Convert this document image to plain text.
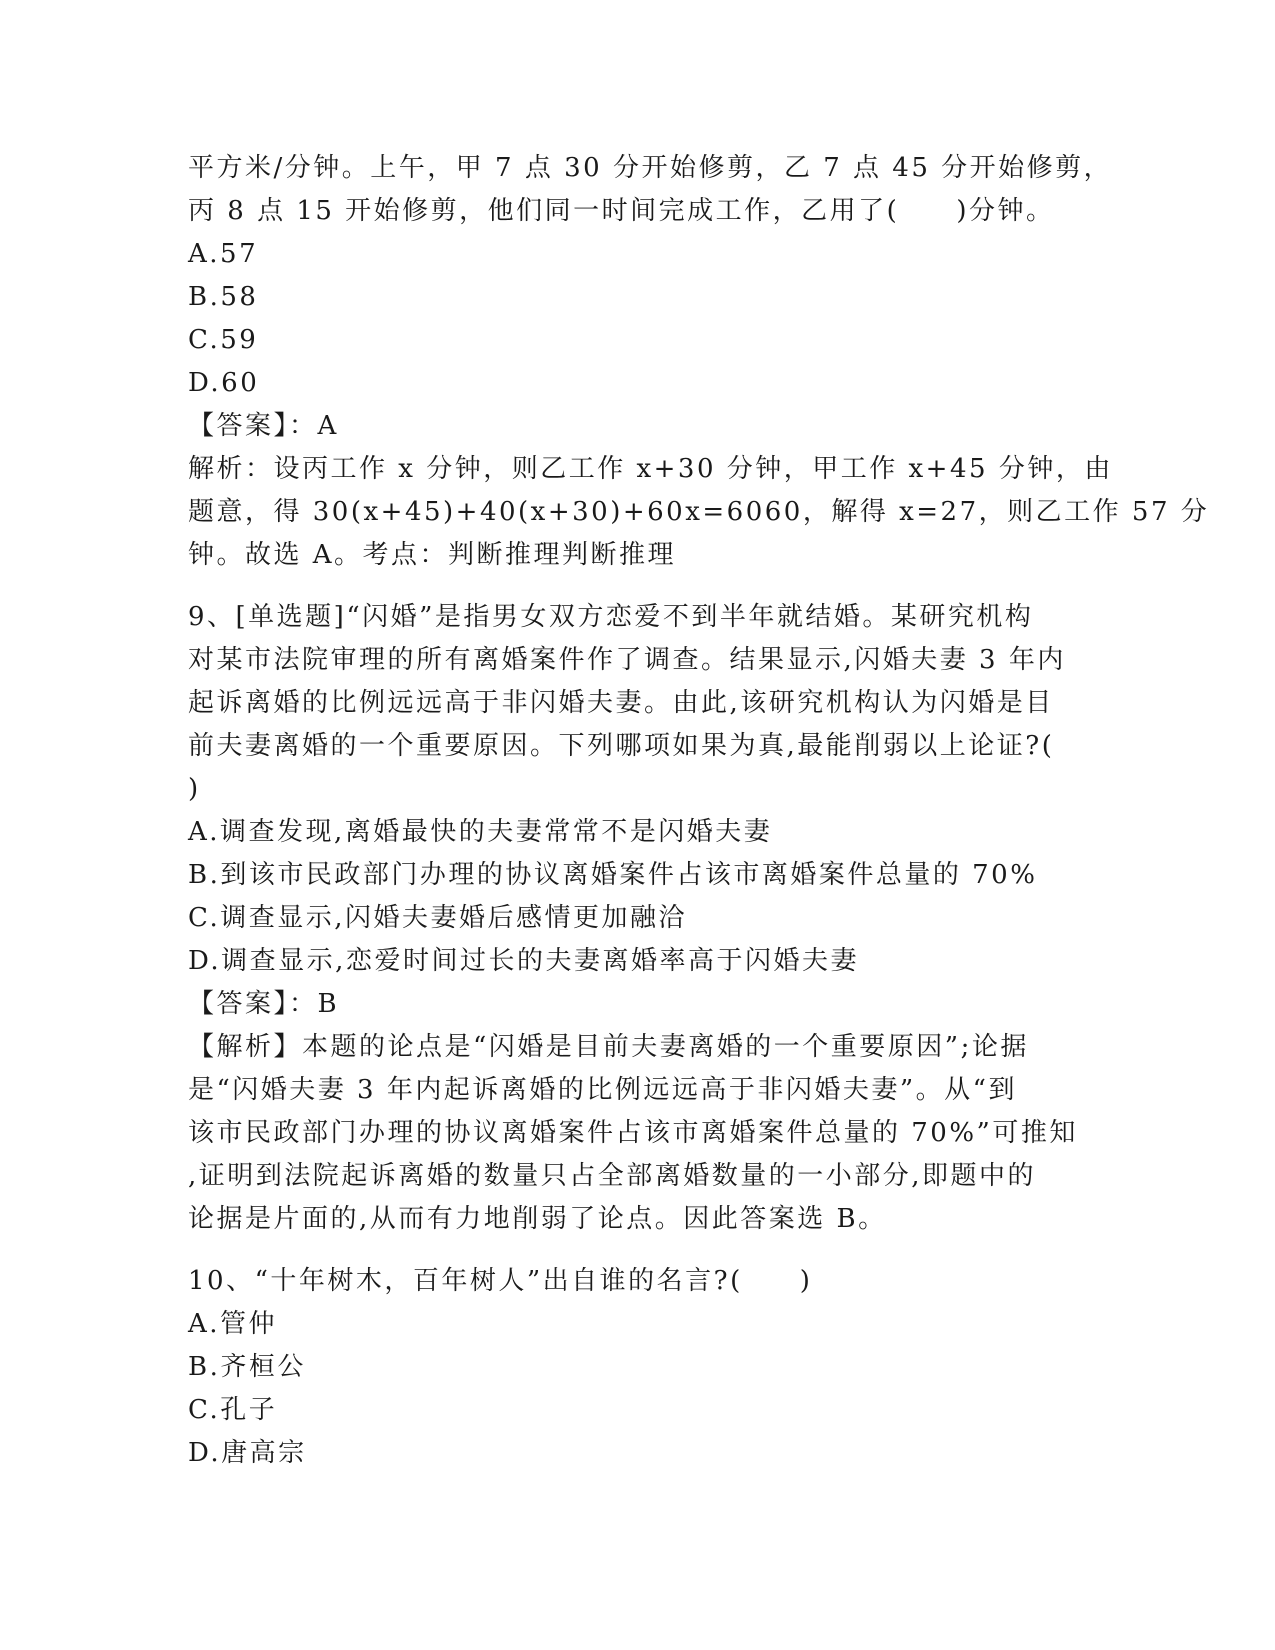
平方米/分钟。上午，甲 7 点 30 分开始修剪，乙 7 点 45 分开始修剪，
丙 8 点 15 开始修剪，他们同一时间完成工作，乙用了(　　)分钟。
A.57
B.58
C.59
D.60
【答案】：A
解析：设丙工作 x 分钟，则乙工作 x+30 分钟，甲工作 x+45 分钟，由
题意，得 30(x+45)+40(x+30)+60x=6060，解得 x=27，则乙工作 57 分
钟。故选 A。考点：判断推理判断推理
9、[单选题]“闪婚”是指男女双方恋爱不到半年就结婚。某研究机构
对某市法院审理的所有离婚案件作了调查。结果显示,闪婚夫妻 3 年内
起诉离婚的比例远远高于非闪婚夫妻。由此,该研究机构认为闪婚是目
前夫妻离婚的一个重要原因。下列哪项如果为真,最能削弱以上论证?(
)
A.调查发现,离婚最快的夫妻常常不是闪婚夫妻
B.到该市民政部门办理的协议离婚案件占该市离婚案件总量的 70%
C.调查显示,闪婚夫妻婚后感情更加融洽
D.调查显示,恋爱时间过长的夫妻离婚率高于闪婚夫妻
【答案】：B
【解析】本题的论点是“闪婚是目前夫妻离婚的一个重要原因”;论据
是“闪婚夫妻 3 年内起诉离婚的比例远远高于非闪婚夫妻”。从“到
该市民政部门办理的协议离婚案件占该市离婚案件总量的 70%”可推知
,证明到法院起诉离婚的数量只占全部离婚数量的一小部分,即题中的
论据是片面的,从而有力地削弱了论点。因此答案选 B。
10、“十年树木，百年树人”出自谁的名言?(　　)
A.管仲
B.齐桓公
C.孔子
D.唐高宗
